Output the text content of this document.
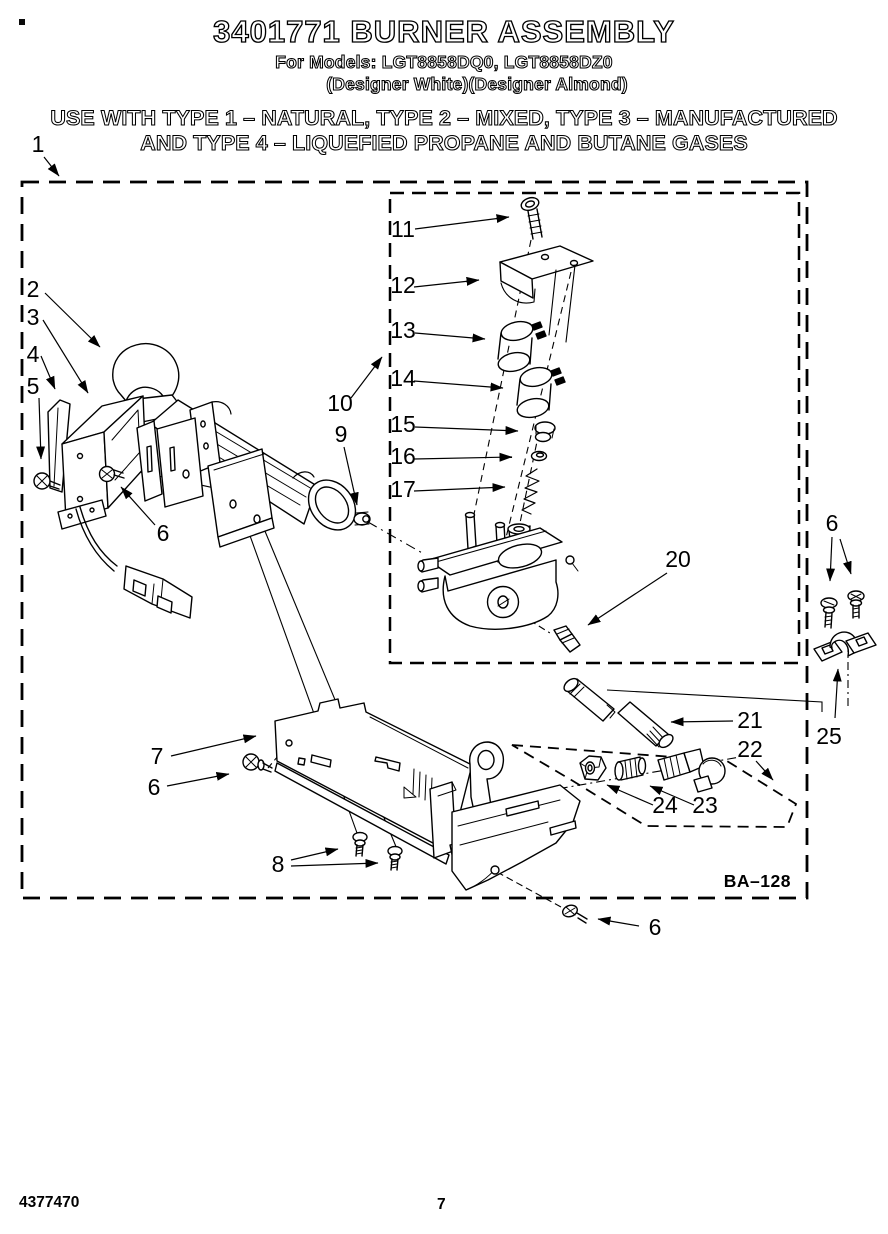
3401771 BURNER ASSEMBLY
For Models: LGT8858DQ0, LGT8858DZ0
(Designer White)(Designer Almond)
USE WITH TYPE 1 – NATURAL, TYPE 2 – MIXED, TYPE 3 – MANUFACTURED
AND TYPE 4 – LIQUEFIED PROPANE AND BUTANE GASES
1
2
3
4
5
6
9
10
11
12
13
14
15
16
17
20
6
25
21
22
23
24
7
6
8
6
BA–128
4377470	7
